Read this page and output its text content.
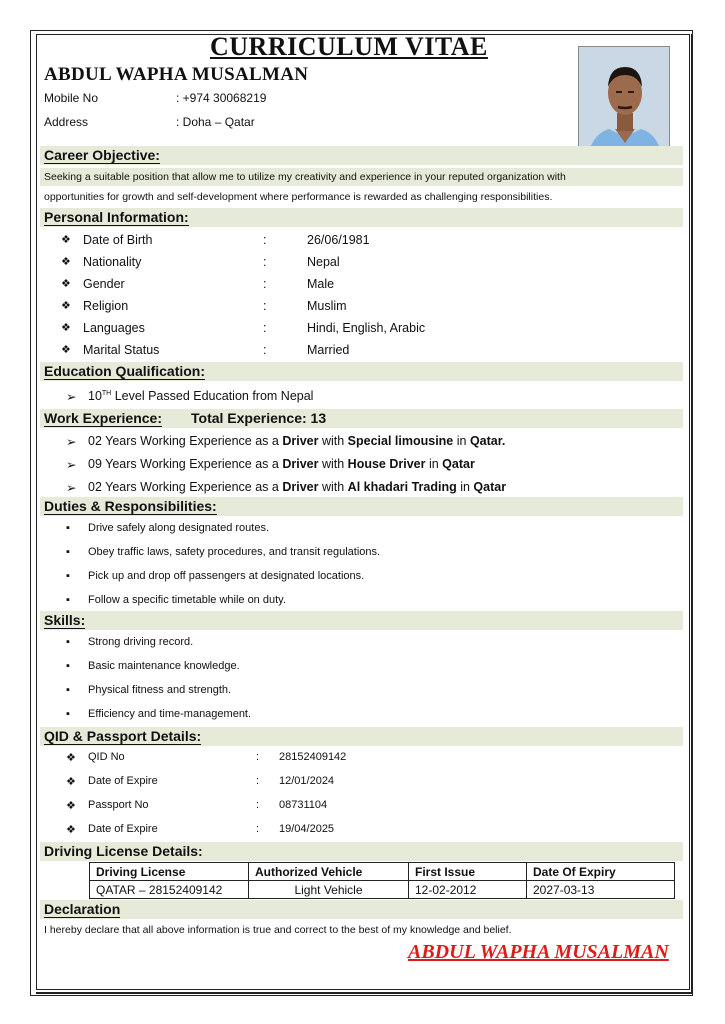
CURRICULUM VITAE
ABDUL WAPHA MUSALMAN
Mobile No	: +974 30068219
Address	: Doha – Qatar
Career Objective:
Seeking a suitable position that allow me to utilize my creativity and experience in your reputed organization with
opportunities for growth and self-development where performance is rewarded as challenging responsibilities.
Personal Information:
❖ Date of Birth	:	26/06/1981
❖ Nationality	:	Nepal
❖ Gender	:	Male
❖ Religion	:	Muslim
❖ Languages	:	Hindi, English, Arabic
❖ Marital Status	:	Married
Education Qualification:
➢ 10TH Level Passed Education from Nepal
Work Experience: Total Experience: 13
➢ 02 Years Working Experience as a Driver with Special limousine in Qatar.
➢ 09 Years Working Experience as a Driver with House Driver in Qatar
➢ 02 Years Working Experience as a Driver with Al khadari Trading in Qatar
Duties & Responsibilities:
▪ Drive safely along designated routes.
▪ Obey traffic laws, safety procedures, and transit regulations.
▪ Pick up and drop off passengers at designated locations.
▪ Follow a specific timetable while on duty.
Skills:
▪ Strong driving record.
▪ Basic maintenance knowledge.
▪ Physical fitness and strength.
▪ Efficiency and time-management.
QID & Passport Details:
❖ QID No	: 28152409142
❖ Date of Expire	: 12/01/2024
❖ Passport No	: 08731104
❖ Date of Expire	: 19/04/2025
Driving License Details:
Driving License	Authorized Vehicle	First Issue	Date Of Expiry
QATAR – 28152409142	Light Vehicle	12-02-2012	2027-03-13
Declaration
I hereby declare that all above information is true and correct to the best of my knowledge and belief.
ABDUL WAPHA MUSALMAN
